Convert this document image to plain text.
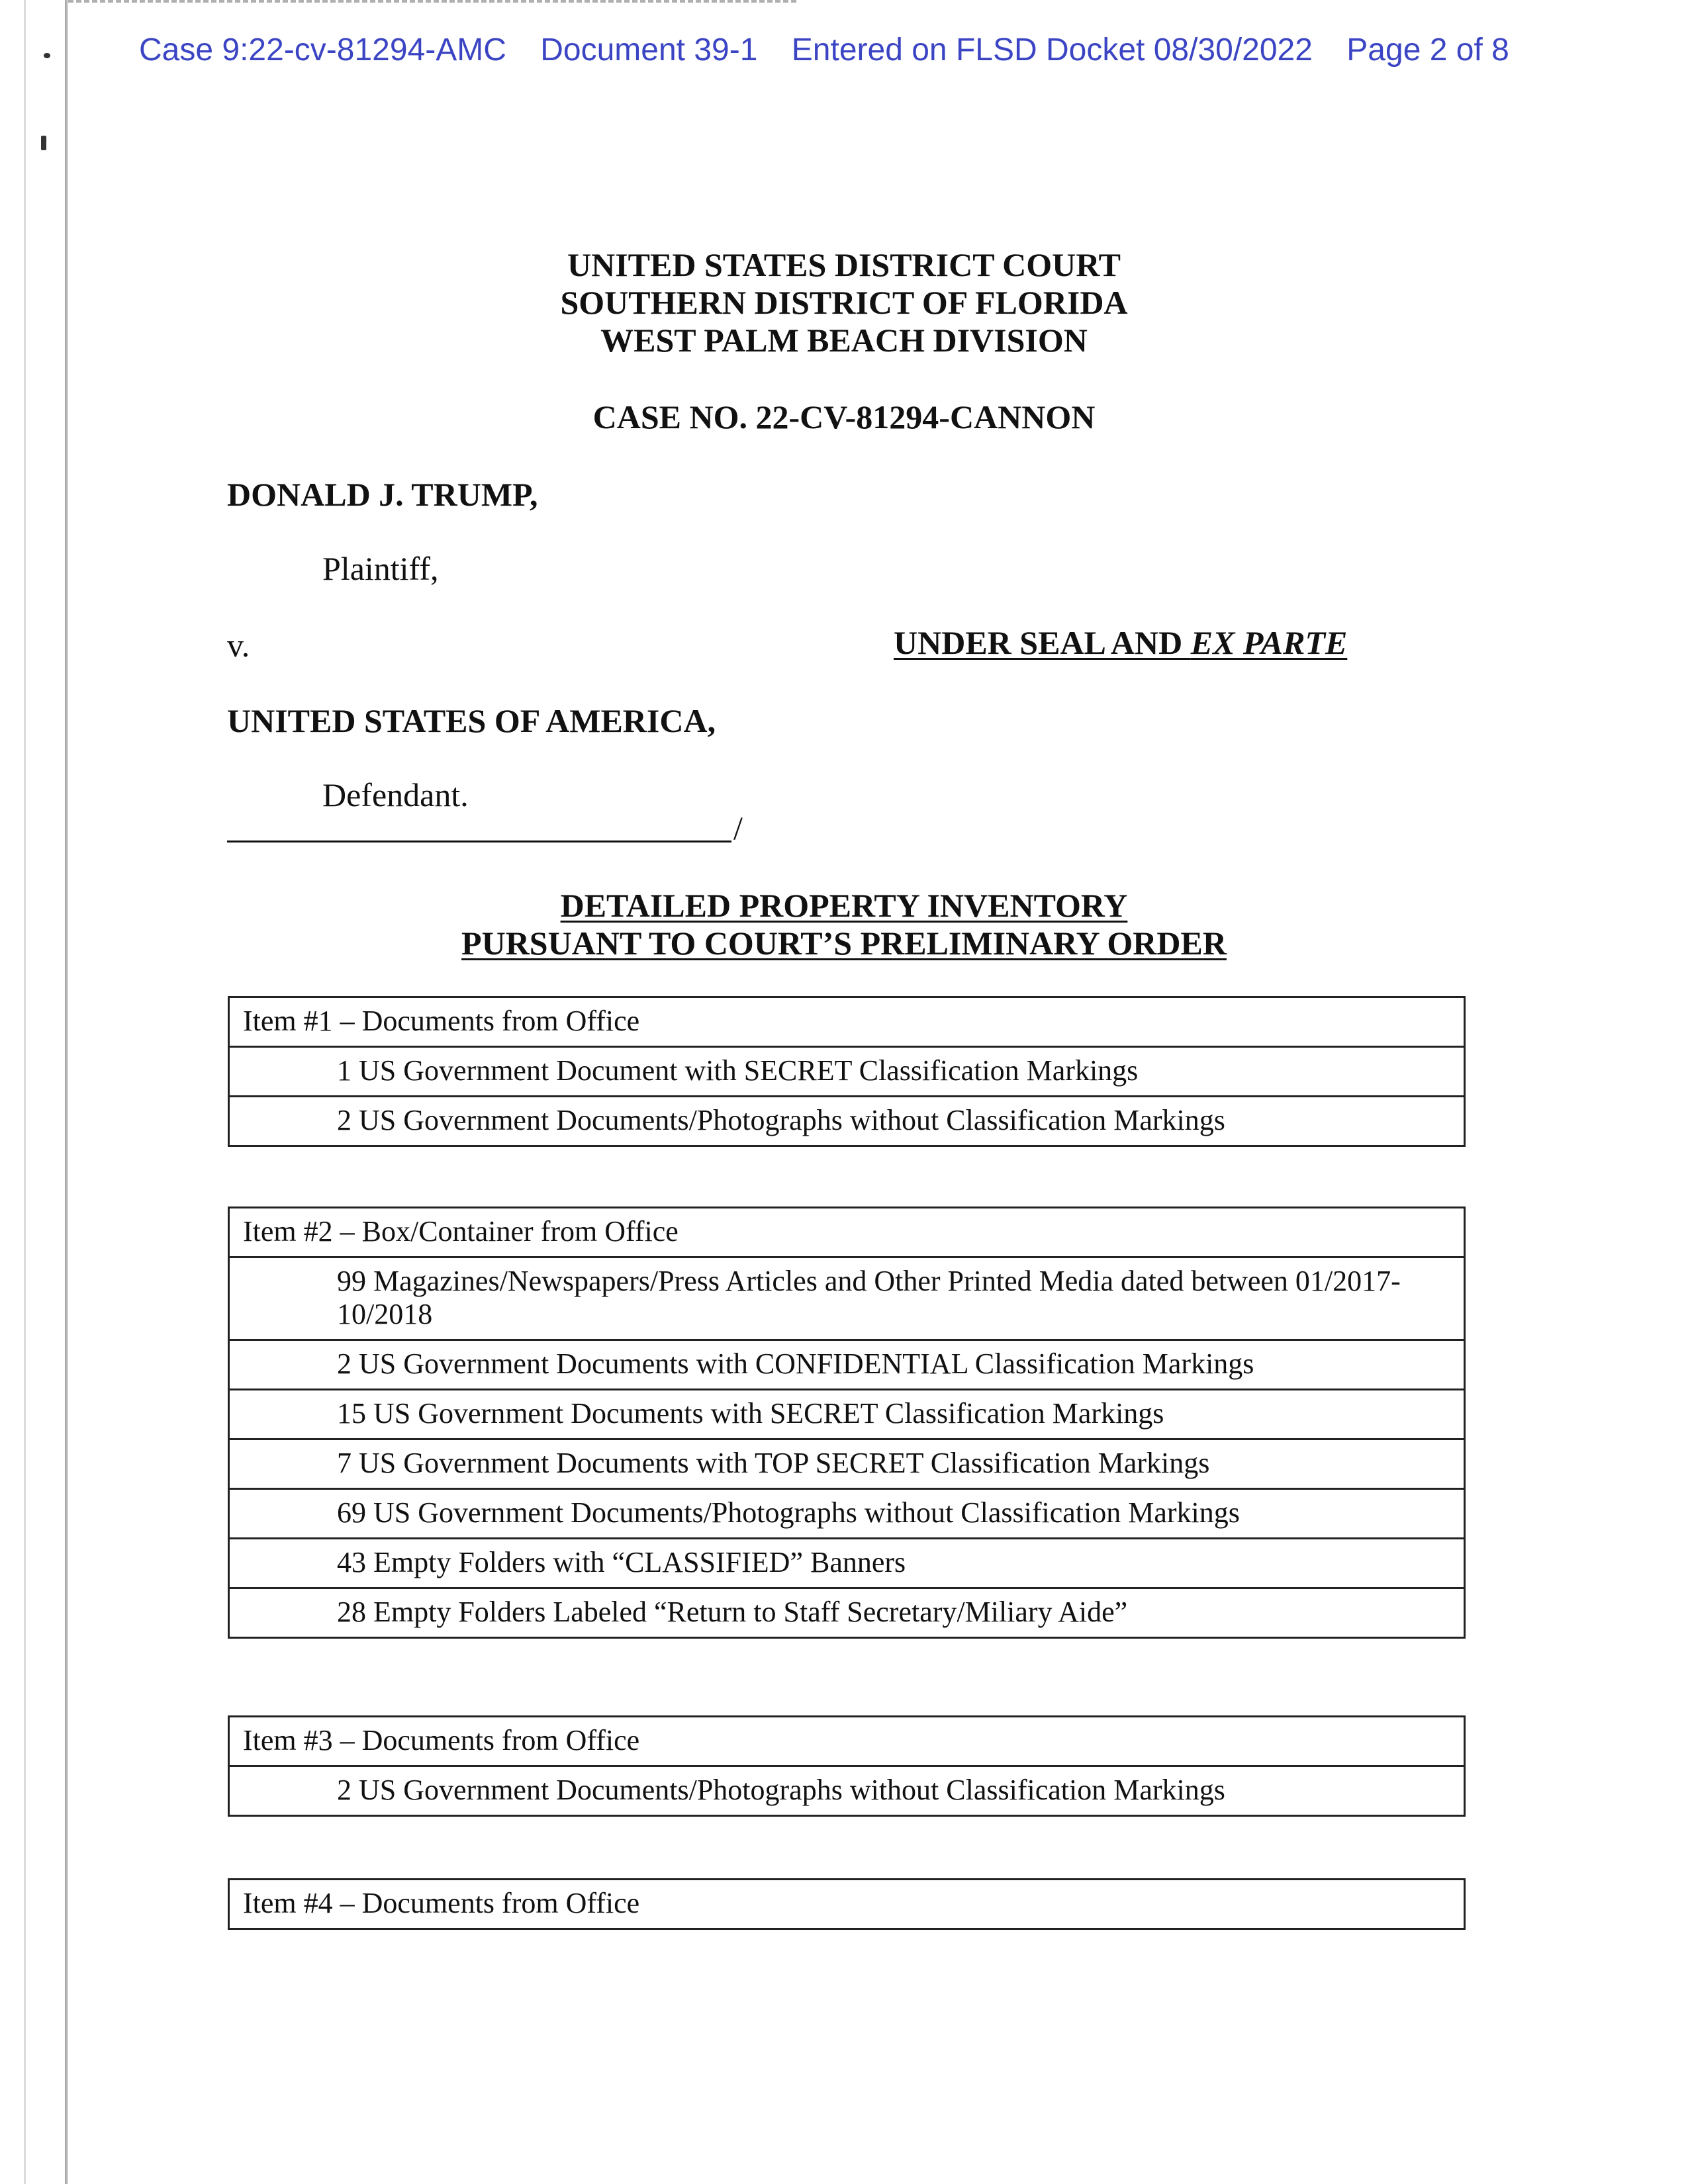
Case 9:22-cv-81294-AMC Document 39-1 Entered on FLSD Docket 08/30/2022 Page 2 of 8
UNITED STATES DISTRICT COURT
SOUTHERN DISTRICT OF FLORIDA
WEST PALM BEACH DIVISION
CASE NO. 22-CV-81294-CANNON
DONALD J. TRUMP,
Plaintiff,
v.	UNDER SEAL AND EX PARTE
UNITED STATES OF AMERICA,
Defendant.
/
DETAILED PROPERTY INVENTORY
PURSUANT TO COURT’S PRELIMINARY ORDER
Item #1 – Documents from Office
1 US Government Document with SECRET Classification Markings
2 US Government Documents/Photographs without Classification Markings
Item #2 – Box/Container from Office
99 Magazines/Newspapers/Press Articles and Other Printed Media dated between 01/2017-10/2018
2 US Government Documents with CONFIDENTIAL Classification Markings
15 US Government Documents with SECRET Classification Markings
7 US Government Documents with TOP SECRET Classification Markings
69 US Government Documents/Photographs without Classification Markings
43 Empty Folders with “CLASSIFIED” Banners
28 Empty Folders Labeled “Return to Staff Secretary/Miliary Aide”
Item #3 – Documents from Office
2 US Government Documents/Photographs without Classification Markings
Item #4 – Documents from Office
